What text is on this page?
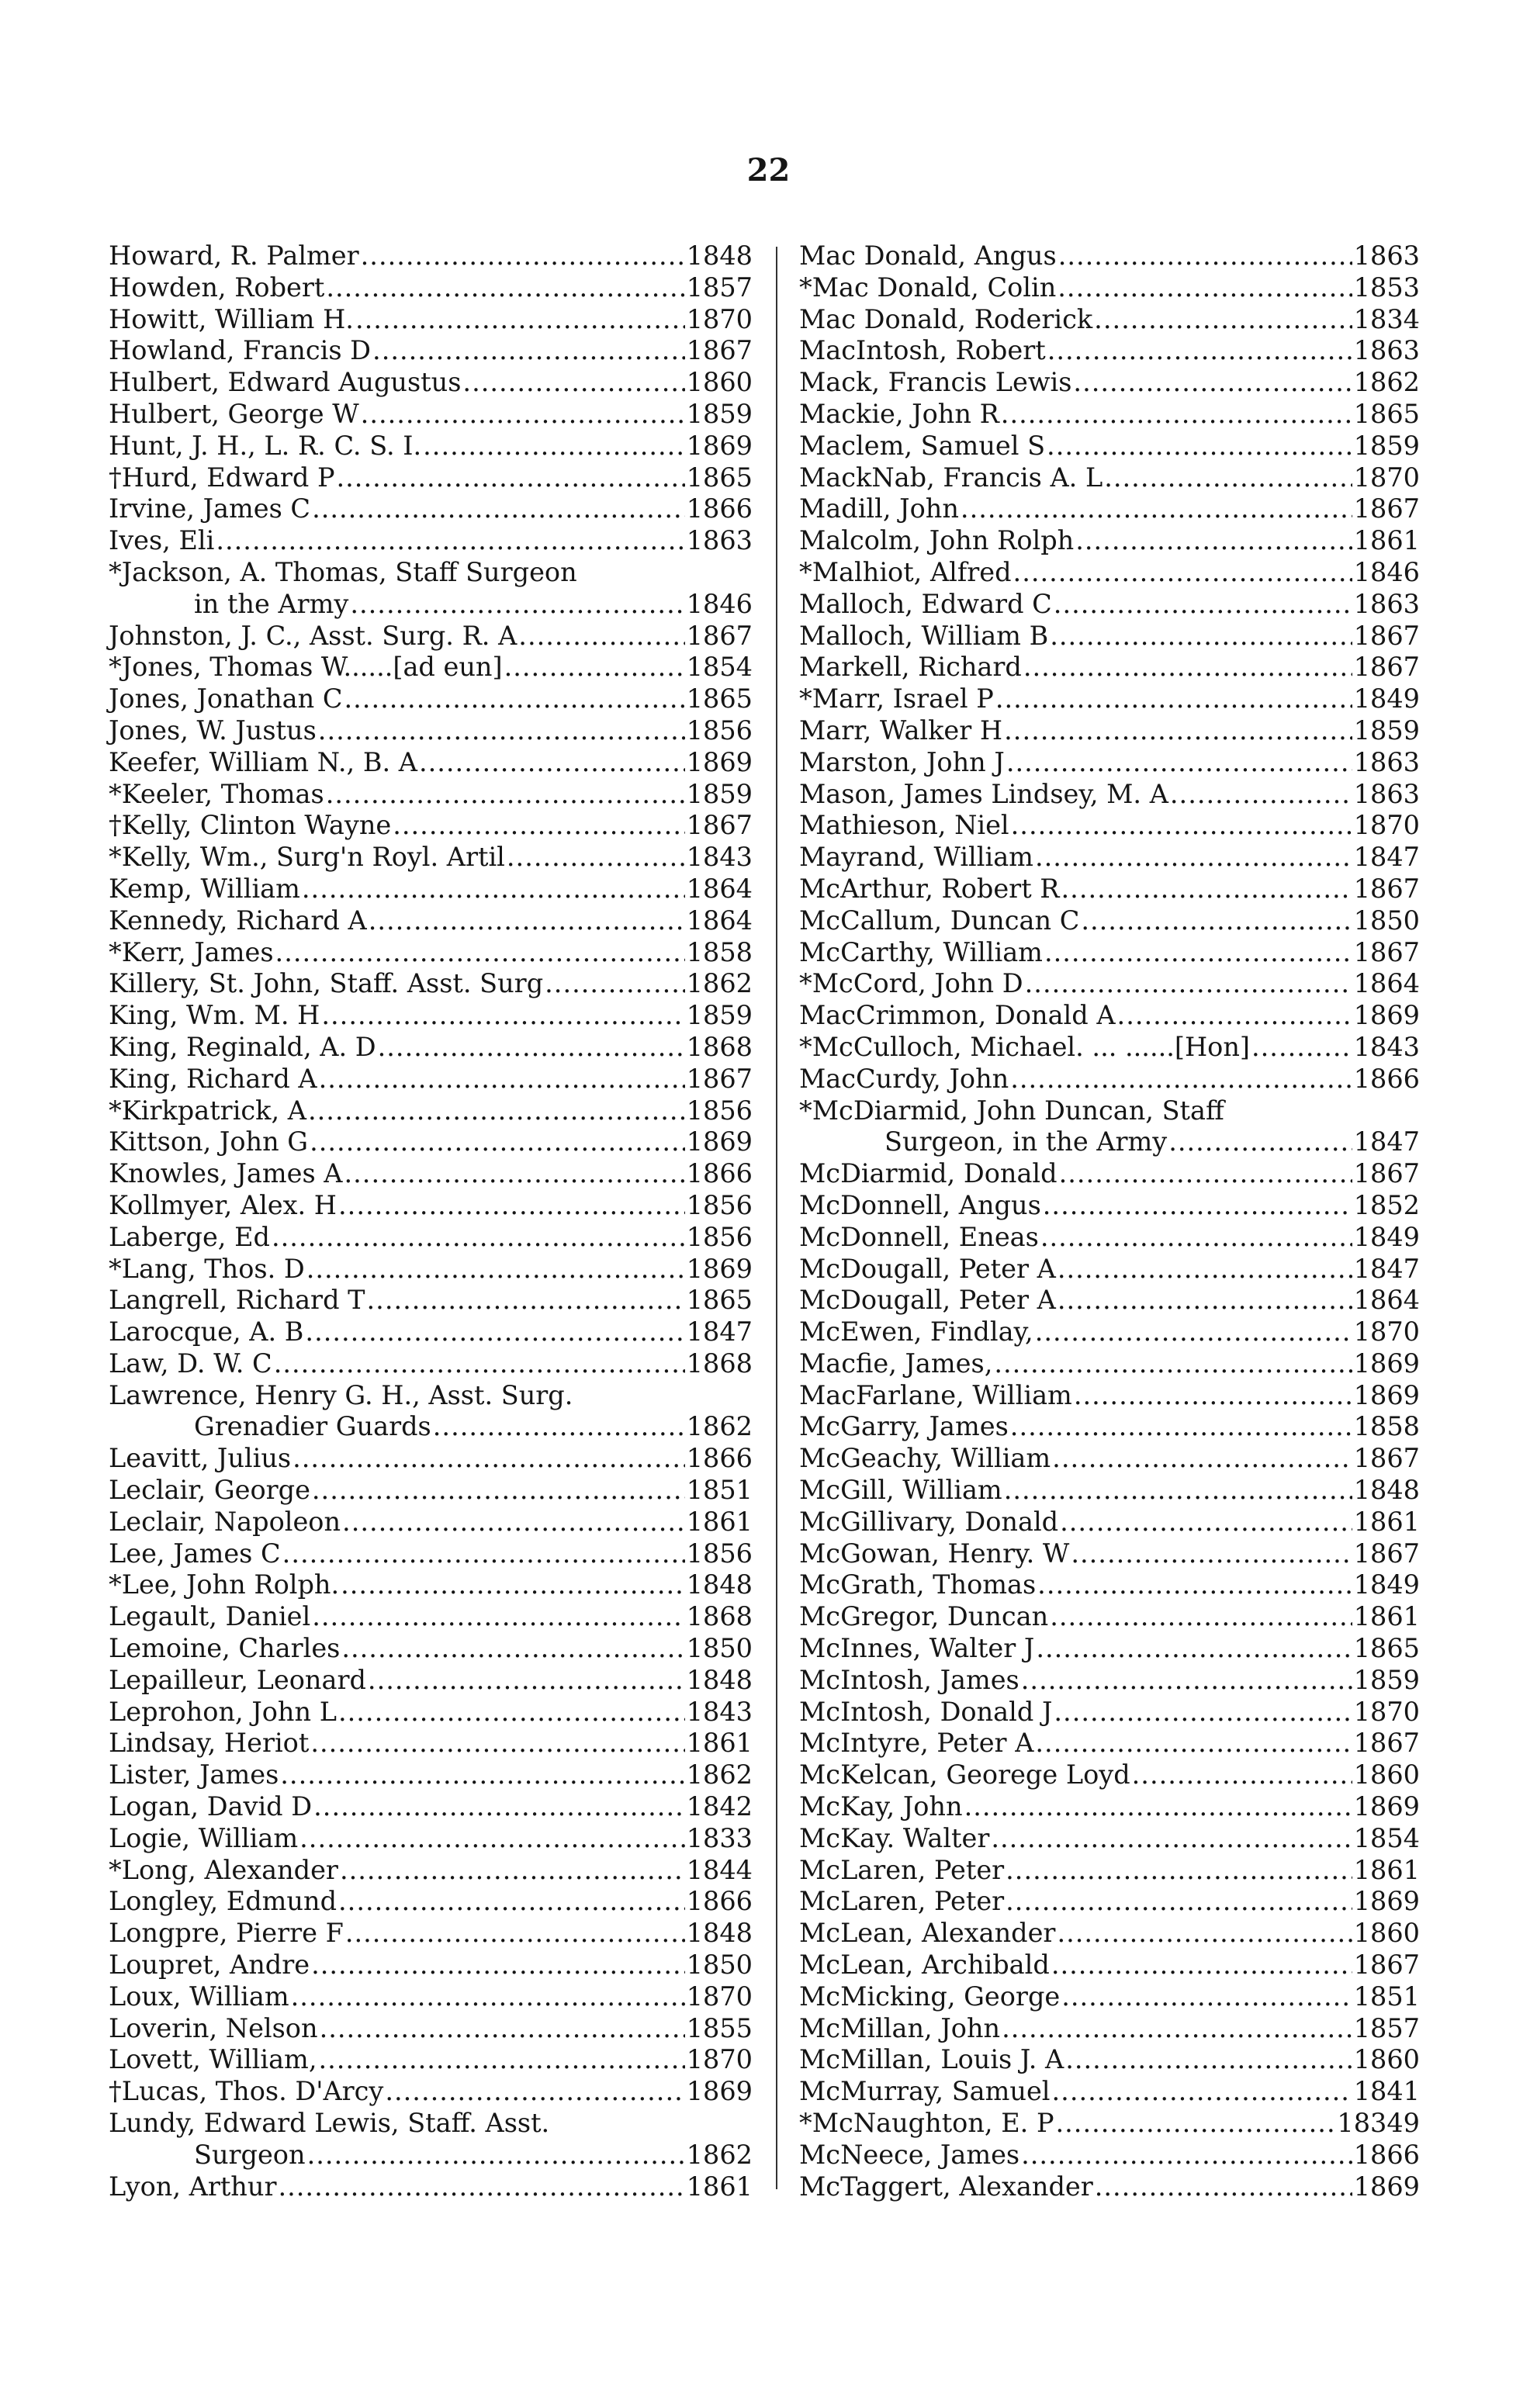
22
Howard, R. Palmer .....	1848
Howden, Robert .....	1857
Howitt, William H. .....	1870
Howland, Francis D .....	1867
Hulbert, Edward Augustus .....	1860
Hulbert, George W .....	1859
Hunt, J. H., L. R. C. S. I. .....	1869
†Hurd, Edward P .....	1865
Irvine, James C .....	1866
Ives, Eli .....	1863
*Jackson, A. Thomas, Staff Surgeon
in the Army .....	1846
Johnston, J. C., Asst. Surg. R. A .....	1867
*Jones, Thomas W......[ad eun] .....	1854
Jones, Jonathan C .....	1865
Jones, W. Justus .....	1856
Keefer, William N., B. A .....	1869
*Keeler, Thomas .....	1859
†Kelly, Clinton Wayne .....	1867
*Kelly, Wm., Surg'n Royl. Artil .....	1843
Kemp, William .....	1864
Kennedy, Richard A .....	1864
*Kerr, James .....	1858
Killery, St. John, Staff. Asst. Surg .....	1862
King, Wm. M. H .....	1859
King, Reginald, A. D .....	1868
King, Richard A .....	1867
*Kirkpatrick, A .....	1856
Kittson, John G .....	1869
Knowles, James A .....	1866
Kollmyer, Alex. H .....	1856
Laberge, Ed .....	1856
*Lang, Thos. D .....	1869
Langrell, Richard T .....	1865
Larocque, A. B .....	1847
Law, D. W. C .....	1868
Lawrence, Henry G. H., Asst. Surg.
Grenadier Guards .....	1862
Leavitt, Julius .....	1866
Leclair, George .....	1851
Leclair, Napoleon .....	1861
Lee, James C .....	1856
*Lee, John Rolph. .....	1848
Legault, Daniel .....	1868
Lemoine, Charles .....	1850
Lepailleur, Leonard .....	1848
Leprohon, John L .....	1843
Lindsay, Heriot .....	1861
Lister, James .....	1862
Logan, David D .....	1842
Logie, William .....	1833
*Long, Alexander .....	1844
Longley, Edmund .....	1866
Longpre, Pierre F .....	1848
Loupret, Andre .....	1850
Loux, William .....	1870
Loverin, Nelson .....	1855
Lovett, William, .....	1870
†Lucas, Thos. D'Arcy .....	1869
Lundy, Edward Lewis, Staff. Asst.
Surgeon .....	1862
Lyon, Arthur .....	1861
Mac Donald, Angus .....	1863
*Mac Donald, Colin .....	1853
Mac Donald, Roderick .....	1834
MacIntosh, Robert .....	1863
Mack, Francis Lewis .....	1862
Mackie, John R .....	1865
Maclem, Samuel S .....	1859
MackNab, Francis A. L .....	1870
Madill, John .....	1867
Malcolm, John Rolph .....	1861
*Malhiot, Alfred .....	1846
Malloch, Edward C .....	1863
Malloch, William B .....	1867
Markell, Richard .....	1867
*Marr, Israel P .....	1849
Marr, Walker H .....	1859
Marston, John J .....	1863
Mason, James Lindsey, M. A .....	1863
Mathieson, Niel .....	1870
Mayrand, William .....	1847
McArthur, Robert R .....	1867
McCallum, Duncan C .....	1850
McCarthy, William .....	1867
*McCord, John D .....	1864
MacCrimmon, Donald A .....	1869
*McCulloch, Michael. ... ......[Hon] .....	1843
MacCurdy, John .....	1866
*McDiarmid, John Duncan, Staff
Surgeon, in the Army .....	1847
McDiarmid, Donald .....	1867
McDonnell, Angus .....	1852
McDonnell, Eneas .....	1849
McDougall, Peter A .....	1847
McDougall, Peter A .....	1864
McEwen, Findlay, .....	1870
Macfie, James, .....	1869
MacFarlane, William .....	1869
McGarry, James .....	1858
McGeachy, William .....	1867
McGill, William .....	1848
McGillivary, Donald .....	1861
McGowan, Henry. W .....	1867
McGrath, Thomas .....	1849
McGregor, Duncan .....	1861
McInnes, Walter J .....	1865
McIntosh, James .....	1859
McIntosh, Donald J .....	1870
McIntyre, Peter A .....	1867
McKelcan, Georege Loyd .....	1860
McKay, John .....	1869
McKay. Walter .....	1854
McLaren, Peter .....	1861
McLaren, Peter .....	1869
McLean, Alexander .....	1860
McLean, Archibald .....	1867
McMicking, George .....	1851
McMillan, John .....	1857
McMillan, Louis J. A .....	1860
McMurray, Samuel .....	1841
*McNaughton, E. P .....	18349
McNeece, James .....	1866
McTaggert, Alexander .....	1869
